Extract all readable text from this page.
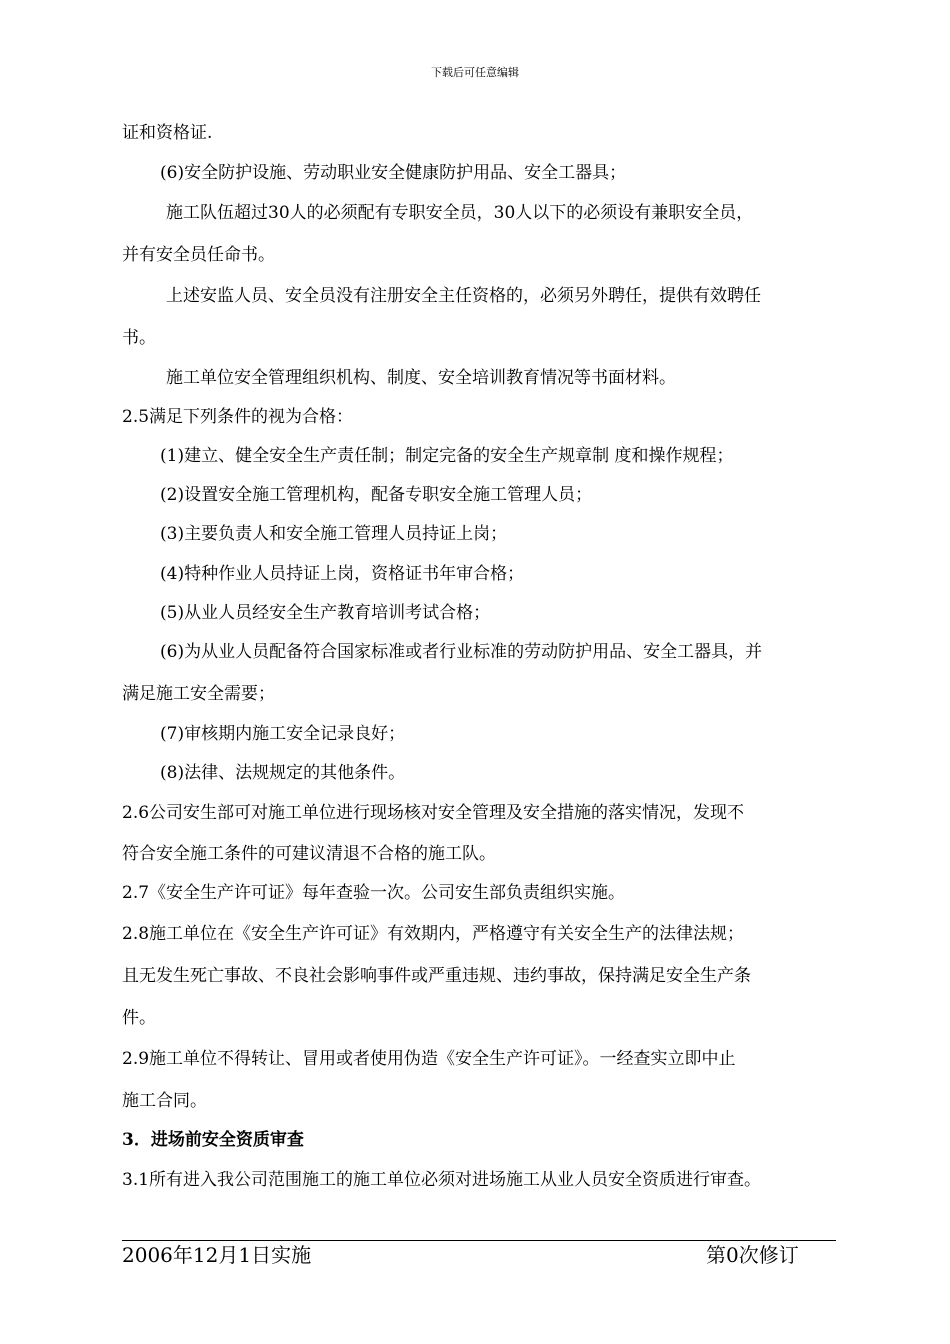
下载后可任意编辑
证和资格证.
(6)安全防护设施、劳动职业安全健康防护用品、安全工器具；
施工队伍超过30人的必须配有专职安全员，30人以下的必须设有兼职安全员，
并有安全员任命书。
上述安监人员、安全员没有注册安全主任资格的，必须另外聘任，提供有效聘任
书。
施工单位安全管理组织机构、制度、安全培训教育情况等书面材料。
2.5满足下列条件的视为合格：
(1)建立、健全安全生产责任制；制定完备的安全生产规章制 度和操作规程；
(2)设置安全施工管理机构，配备专职安全施工管理人员；
(3)主要负责人和安全施工管理人员持证上岗；
(4)特种作业人员持证上岗，资格证书年审合格；
(5)从业人员经安全生产教育培训考试合格；
(6)为从业人员配备符合国家标准或者行业标准的劳动防护用品、安全工器具，并
满足施工安全需要；
(7)审核期内施工安全记录良好；
(8)法律、法规规定的其他条件。
2.6公司安生部可对施工单位进行现场核对安全管理及安全措施的落实情况，发现不
符合安全施工条件的可建议清退不合格的施工队。
2.7《安全生产许可证》每年查验一次。公司安生部负责组织实施。
2.8施工单位在《安全生产许可证》有效期内，严格遵守有关安全生产的法律法规；
且无发生死亡事故、不良社会影响事件或严重违规、违约事故，保持满足安全生产条
件。
2.9施工单位不得转让、冒用或者使用伪造《安全生产许可证》。一经查实立即中止
施工合同。
3．进场前安全资质审查
3.1所有进入我公司范围施工的施工单位必须对进场施工从业人员安全资质进行审查。
2006年12月1日实施	第0次修订
